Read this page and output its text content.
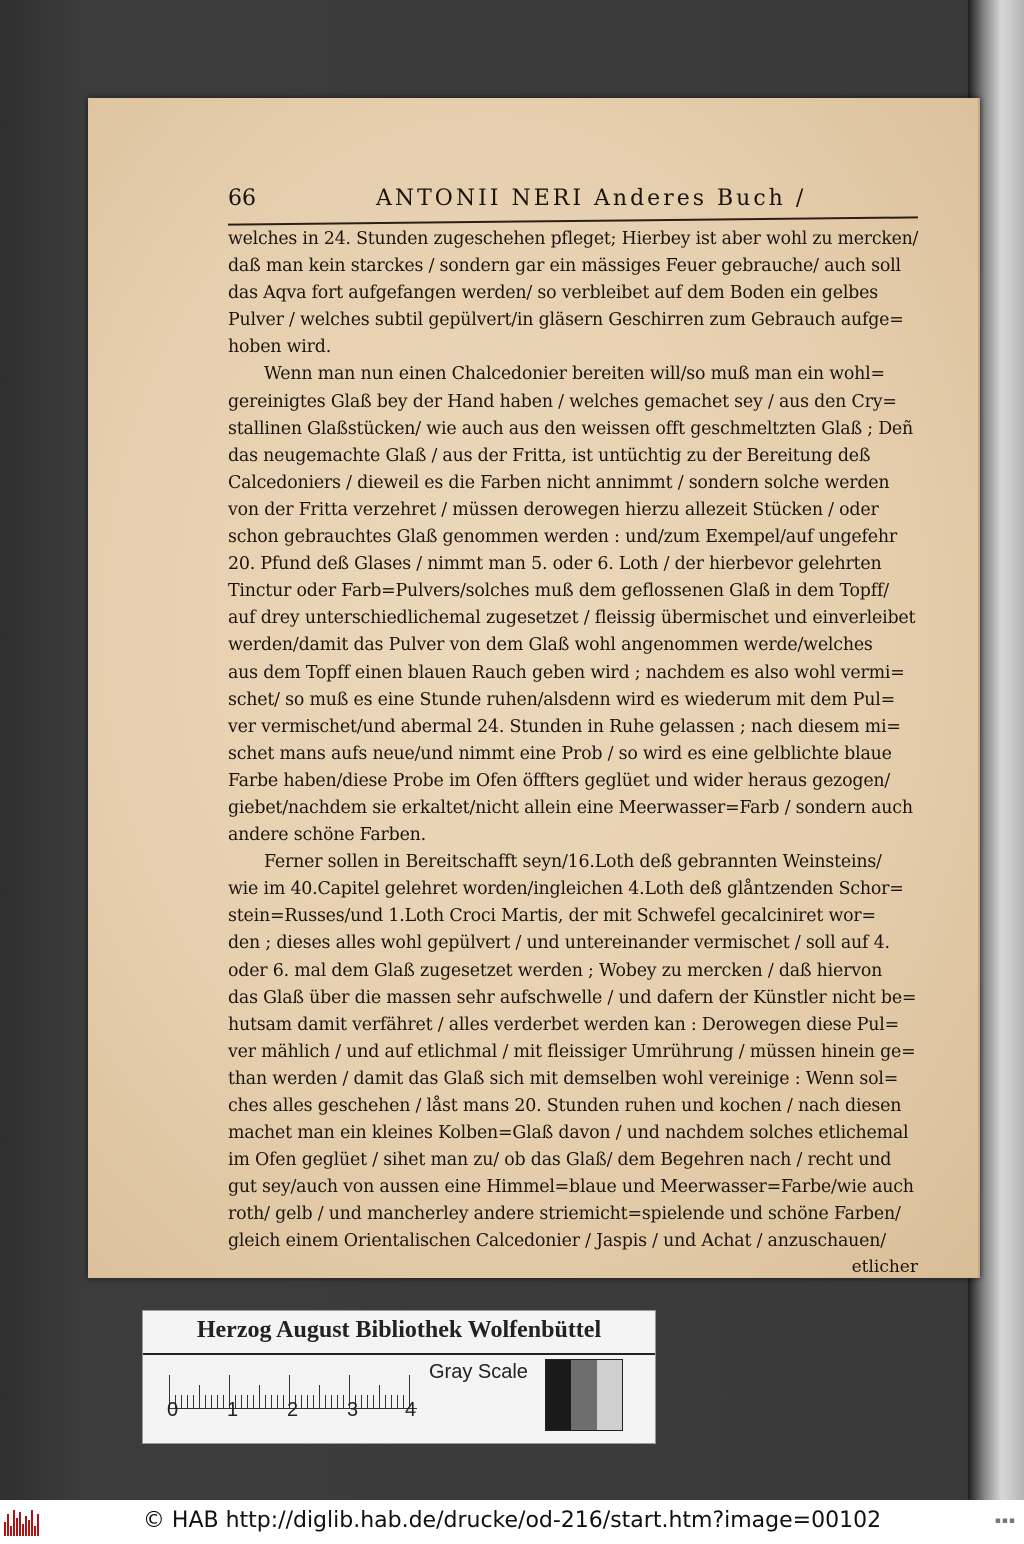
66	ANTONII NERI Anderes Buch /
welches in 24. Stunden zugeschehen pfleget; Hierbey ist aber wohl zu mercken/
daß man kein starckes / sondern gar ein mässiges Feuer gebrauche/ auch soll
das Aqva fort aufgefangen werden/ so verbleibet auf dem Boden ein gelbes
Pulver / welches subtil gepülvert/in gläsern Geschirren zum Gebrauch aufge=
hoben wird.
Wenn man nun einen Chalcedonier bereiten will/so muß man ein wohl=
gereinigtes Glaß bey der Hand haben / welches gemachet sey / aus den Cry=
stallinen Glaßstücken/ wie auch aus den weissen offt geschmeltzten Glaß ; Deñ
das neugemachte Glaß / aus der Fritta, ist untüchtig zu der Bereitung deß
Calcedoniers / dieweil es die Farben nicht annimmt / sondern solche werden
von der Fritta verzehret / müssen derowegen hierzu allezeit Stücken / oder
schon gebrauchtes Glaß genommen werden : und/zum Exempel/auf ungefehr
20. Pfund deß Glases / nimmt man 5. oder 6. Loth / der hierbevor gelehrten
Tinctur oder Farb=Pulvers/solches muß dem geflossenen Glaß in dem Topff/
auf drey unterschiedlichemal zugesetzet / fleissig übermischet und einverleibet
werden/damit das Pulver von dem Glaß wohl angenommen werde/welches
aus dem Topff einen blauen Rauch geben wird ; nachdem es also wohl vermi=
schet/ so muß es eine Stunde ruhen/alsdenn wird es wiederum mit dem Pul=
ver vermischet/und abermal 24. Stunden in Ruhe gelassen ; nach diesem mi=
schet mans aufs neue/und nimmt eine Prob / so wird es eine gelblichte blaue
Farbe haben/diese Probe im Ofen öffters geglüet und wider heraus gezogen/
giebet/nachdem sie erkaltet/nicht allein eine Meerwasser=Farb / sondern auch
andere schöne Farben.
Ferner sollen in Bereitschafft seyn/16.Loth deß gebrannten Weinsteins/
wie im 40.Capitel gelehret worden/ingleichen 4.Loth deß glåntzenden Schor=
stein=Russes/und 1.Loth Croci Martis, der mit Schwefel gecalciniret wor=
den ; dieses alles wohl gepülvert / und untereinander vermischet / soll auf 4.
oder 6. mal dem Glaß zugesetzet werden ; Wobey zu mercken / daß hiervon
das Glaß über die massen sehr aufschwelle / und dafern der Künstler nicht be=
hutsam damit verfähret / alles verderbet werden kan : Derowegen diese Pul=
ver mählich / und auf etlichmal / mit fleissiger Umrührung / müssen hinein ge=
than werden / damit das Glaß sich mit demselben wohl vereinige : Wenn sol=
ches alles geschehen / låst mans 20. Stunden ruhen und kochen / nach diesen
machet man ein kleines Kolben=Glaß davon / und nachdem solches etlichemal
im Ofen geglüet / sihet man zu/ ob das Glaß/ dem Begehren nach / recht und
gut sey/auch von aussen eine Himmel=blaue und Meerwasser=Farbe/wie auch
roth/ gelb / und mancherley andere striemicht=spielende und schöne Farben/
gleich einem Orientalischen Calcedonier / Jaspis / und Achat / anzuschauen/
etlicher
Herzog August Bibliothek Wolfenbüttel
0 1 2 3 4
Gray Scale
© HAB http://diglib.hab.de/drucke/od-216/start.htm?image=00102	▪▪▪
